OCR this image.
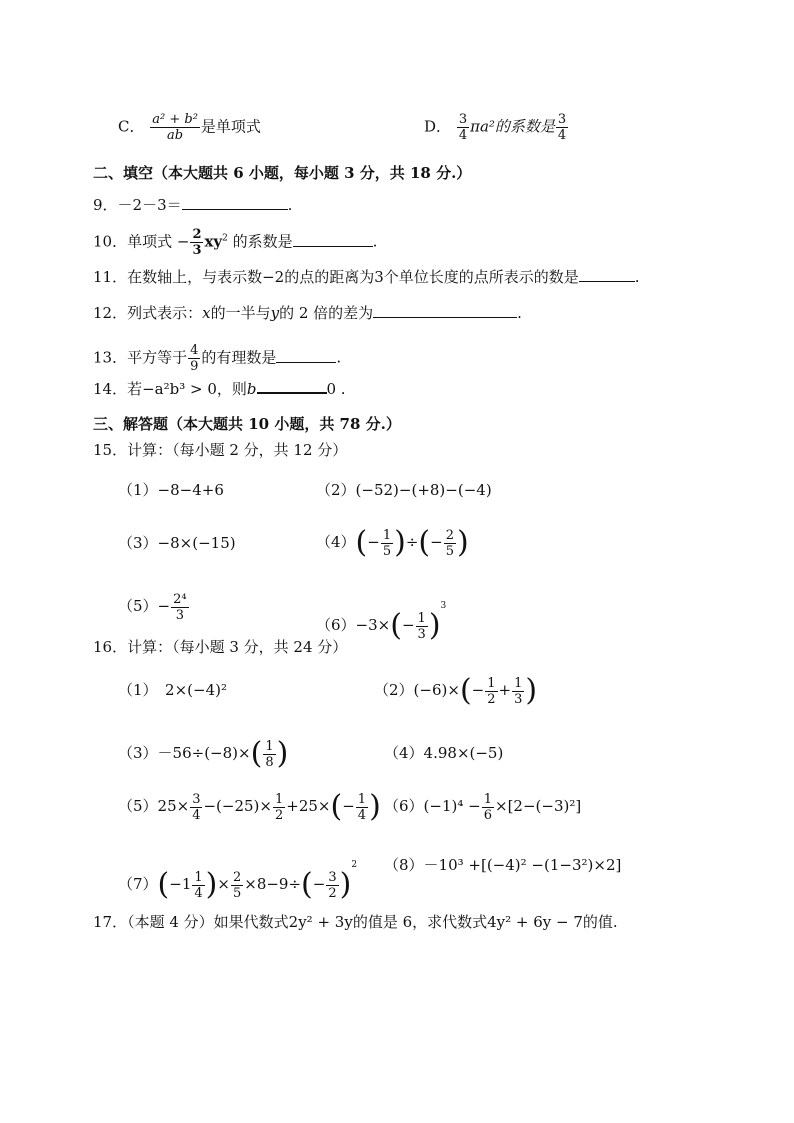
C． $\frac{\text{a² + b²}}{ab}$ 是单项式	D． $\frac{3}{4} \pi a^2$的系数是 $\frac{3}{4}$
二、填空（本大题共 6 小题，每小题 3 分，共 18 分.）
9．－2－3＝	.
10．单项式 − $\frac{2}{3} xy^2$ 的系数是	.
11．在数轴上，与表示数−2的点的距离为3个单位长度的点所表示的数是	.
12．列式表示：x的一半与y的 2 倍的差为	.
13．平方等于 $\frac{4}{9}$ 的有理数是	.
14．若−a²b³ > 0，则b	0 .
三、解答题（本大题共 10 小题，共 78 分.）
15．计算：（每小题 2 分，共 12 分）
（1）−8−4+6	（2）(−52)−(+8)−(−4)
（3）−8×(−15)	$(4)(- \frac{1}{5}$ )÷(− $\frac{2}{5}$ )
$(5)- \frac{\text{2⁴}}{3}$
$(6)-3\times(- \frac{1}{3} )^3$
16．计算：（每小题 3 分，共 24 分）
（1）　2×(−4)²	$(2)(-6)\times(- \frac{1}{2} + \frac{1}{3}$ )
$(3)-56\div(-8)\times( \frac{1}{8}$ )	（4）4.98×(−5)
$(5)25\times \frac{3}{4} -(-25)\times \frac{1}{2} +25\times(- \frac{1}{4}$ ) $(6)(-1)^4 - \frac{1}{6} \times[2-(-3)^2]$
$(7)(-1 \frac{1}{4}$ )× $\frac{2}{5} \times 8-9\div(- \frac{3}{2} )^2$ （8）－10³ +[(−4)² −(1−3²)×2]
17．（本题 4 分）如果代数式2y² + 3y的值是 6，求代数式4y² + 6y − 7的值.
